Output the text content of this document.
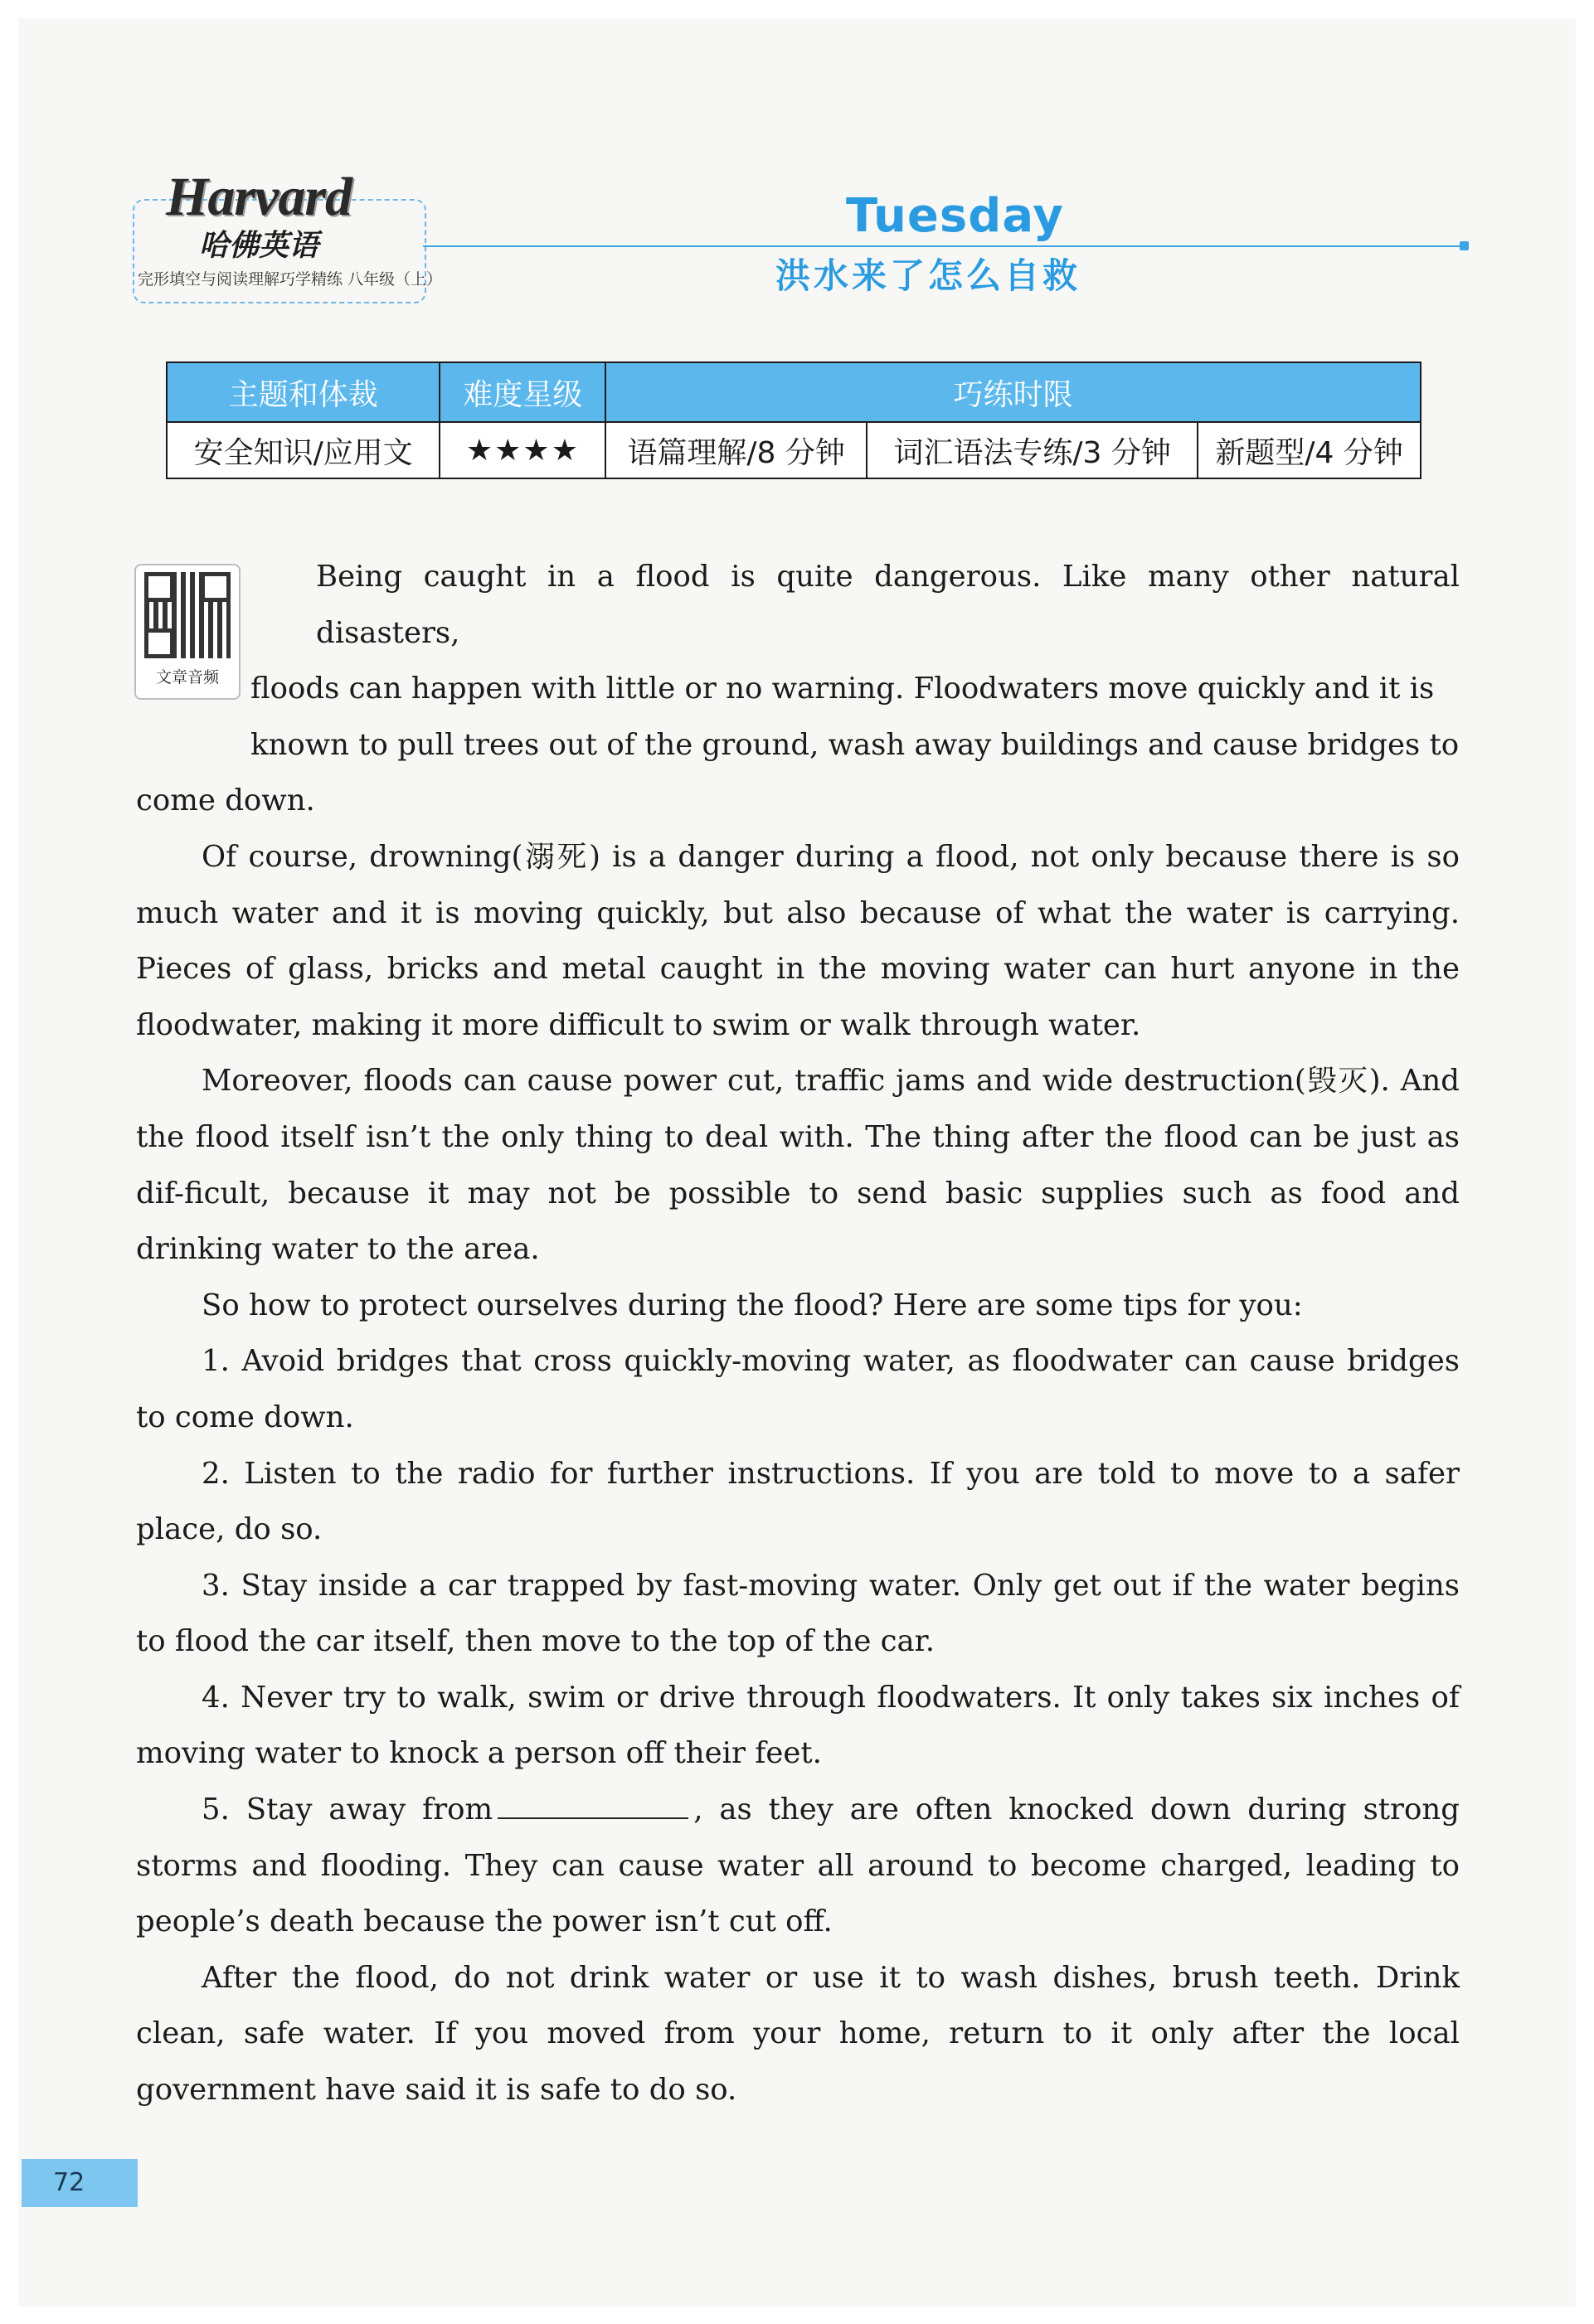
Harvard
哈佛英语
完形填空与阅读理解巧学精练 八年级（上）
Tuesday
洪水来了怎么自救
主题和体裁	难度星级	巧练时限		
安全知识/应用文	★★★★	语篇理解/8 分钟	词汇语法专练/3 分钟	新题型/4 分钟
文章音频

Being caught in a flood is quite dangerous. Like many other natural disasters,
floods can happen with little or no warning. Floodwaters move quickly and it is
known to pull trees out of the ground, wash away buildings and cause bridges to
come down.

Of course, drowning(溺死) is a danger during a flood, not only because there is so much water and it is moving quickly, but also because of what the water is carrying. Pieces of glass, bricks and metal caught in the moving water can hurt anyone in the floodwater, making it more difficult to swim or walk through water.

Moreover, floods can cause power cut, traffic jams and wide destruction(毁灭). And the flood itself isn’t the only thing to deal with. The thing after the flood can be just as dif-ficult, because it may not be possible to send basic supplies such as food and drinking water to the area.

So how to protect ourselves during the flood? Here are some tips for you:

1. Avoid bridges that cross quickly-moving water, as floodwater can cause bridges to come down.

2. Listen to the radio for further instructions. If you are told to move to a safer place, do so.

3. Stay inside a car trapped by fast-moving water. Only get out if the water begins to flood the car itself, then move to the top of the car.

4. Never try to walk, swim or drive through floodwaters. It only takes six inches of moving water to knock a person off their feet.

5. Stay away from	, as they are often knocked down during strong storms and flooding. They can cause water all around to become charged, leading to people’s death because the power isn’t cut off.

After the flood, do not drink water or use it to wash dishes, brush teeth. Drink clean, safe water. If you moved from your home, return to it only after the local government have said it is safe to do so.

72
